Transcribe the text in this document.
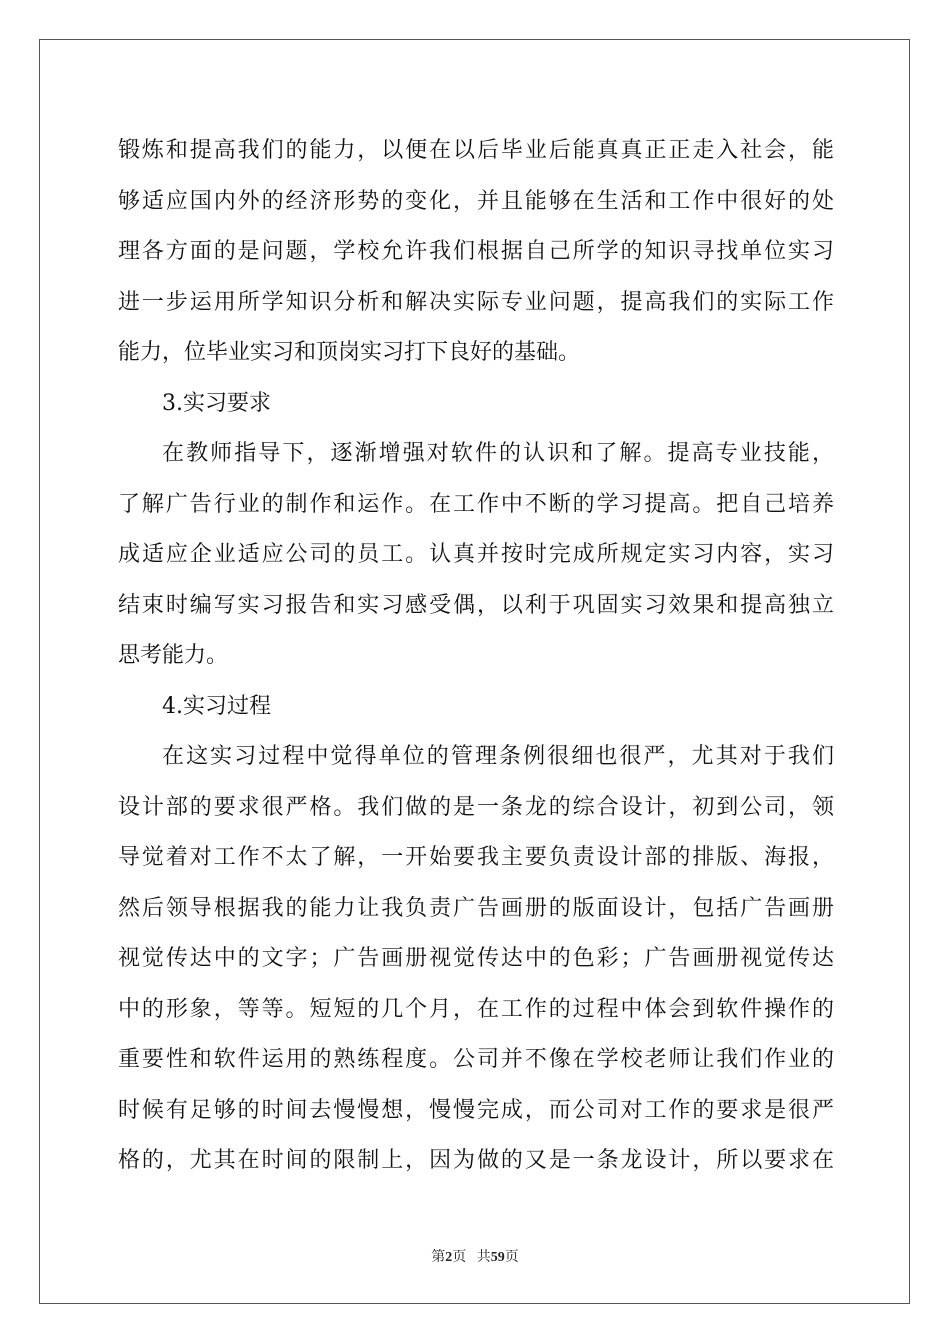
锻炼和提高我们的能力，以便在以后毕业后能真真正正走入社会，能
够适应国内外的经济形势的变化，并且能够在生活和工作中很好的处
理各方面的是问题，学校允许我们根据自己所学的知识寻找单位实习
进一步运用所学知识分析和解决实际专业问题，提高我们的实际工作
能力，位毕业实习和顶岗实习打下良好的基础。
3.实习要求
在教师指导下，逐渐增强对软件的认识和了解。提高专业技能，
了解广告行业的制作和运作。在工作中不断的学习提高。把自己培养
成适应企业适应公司的员工。认真并按时完成所规定实习内容，实习
结束时编写实习报告和实习感受偶，以利于巩固实习效果和提高独立
思考能力。
4.实习过程
在这实习过程中觉得单位的管理条例很细也很严，尤其对于我们
设计部的要求很严格。我们做的是一条龙的综合设计，初到公司，领
导觉着对工作不太了解，一开始要我主要负责设计部的排版、海报，
然后领导根据我的能力让我负责广告画册的版面设计，包括广告画册
视觉传达中的文字；广告画册视觉传达中的色彩；广告画册视觉传达
中的形象，等等。短短的几个月，在工作的过程中体会到软件操作的
重要性和软件运用的熟练程度。公司并不像在学校老师让我们作业的
时候有足够的时间去慢慢想，慢慢完成，而公司对工作的要求是很严
格的，尤其在时间的限制上，因为做的又是一条龙设计，所以要求在
第2页 共59页
